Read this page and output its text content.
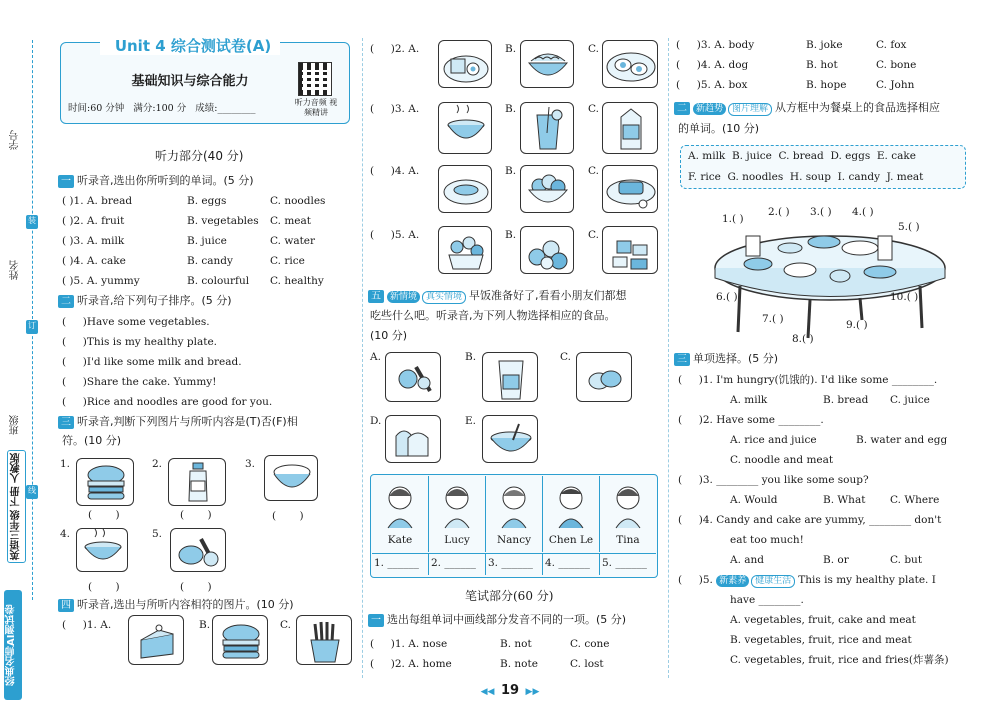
学号
装
姓名
订
班级
线
英语三年级 下册 人教版
经典名师AI测试卷
Unit 4 综合测试卷(A)
基础知识与综合能力
时间:60 分钟   满分:100 分   成绩:________
听力音频 视频精讲
听力部分(40 分)
一 听录音,选出你所听到的单词。(5 分)
( )1. A. bread	B. eggs	C. noodles
( )2. A. fruit	B. vegetables C. meat
( )3. A. milk	B. juice	C. water
( )4. A. cake	B. candy	C. rice
( )5. A. yummy	B. colourful C. healthy
二 听录音,给下列句子排序。(5 分)
(     )Have some vegetables.
(     )This is my healthy plate.
(     )I'd like some milk and bread.
(     )Share the cake. Yummy!
(     )Rice and noodles are good for you.
三 听录音,判断下列图片与所听内容是(T)否(F)相
符。(10 分)
1.
(       )
2.
(       )
3.
(       )
4.
(       )
5.
(       )
四 听录音,选出与所听内容相符的图片。(10 分)
(     )1. A.	B.	C.
(     )2. A.	B.	C.
(     )3. A.	B.	C.
(     )4. A.	B.	C.
(     )5. A.	B.	C.
五 新情境 真实情境 早饭准备好了,看看小朋友们都想
吃些什么吧。听录音,为下列人物选择相应的食品。
(10 分)
A.	B.	C.
D.	E.
Kate	Lucy	Nancy	Chen Le	Tina
1. ______	2. ______	3. ______	4. ______	5. ______
笔试部分(60 分)
一 选出每组单词中画线部分发音不同的一项。(5 分)
(     )1. A. nose	B. not	C. cone
(     )2. A. home	B. note	C. lost
(     )3. A. body	B. joke	C. fox
(     )4. A. dog	B. hot	C. bone
(     )5. A. box	B. hope	C. John
二 新趋势 图片理解 从方框中为餐桌上的食品选择相应
的单词。(10 分)
A. milk  B. juice  C. bread  D. eggs  E. cake
F. rice  G. noodles  H. soup  I. candy  J. meat
1.( )
2.( ) 3.( ) 4.( )
5.( )
6.( )
7.( )
8.( )
9.( )
10.( )
三 单项选择。(5 分)
(     )1. I'm hungry(饥饿的). I'd like some ________.
A. milk	B. bread C. juice
(     )2. Have some ________.
A. rice and juice	B. water and egg
C. noodle and meat
(     )3. ________ you like some soup?
A. Would	B. What C. Where
(     )4. Candy and cake are yummy, ________ don't
eat too much!
A. and	B. or	C. but
(     )5. 新素养 健康生活 This is my healthy plate. I
have ________.
A. vegetables, fruit, cake and meat
B. vegetables, fruit, rice and meat
C. vegetables, fruit, rice and fries(炸薯条)
◀◀ 19 ▶▶
